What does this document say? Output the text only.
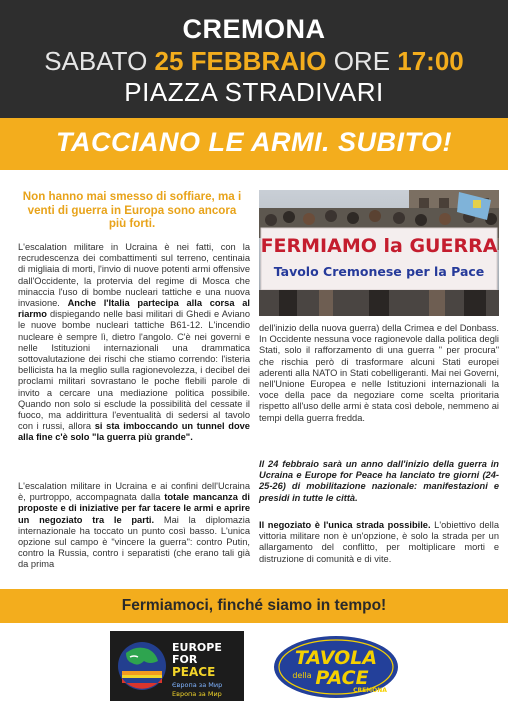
CREMONA
SABATO 25 FEBBRAIO ORE 17:00
PIAZZA STRADIVARI
TACCIANO LE ARMI. SUBITO!
Non hanno mai smesso di soffiare, ma i venti di guerra in Europa sono ancora più forti.
FERMIAMO la GUERRA
Tavolo Cremonese per la Pace
L'escalation militare in Ucraina è nei fatti, con la recrudescenza dei combattimenti sul terreno, centinaia di migliaia di morti, l'invio di nuove potenti armi offensive dall'Occidente, la protervia del regime di Mosca che minaccia l'uso di bombe nucleari tattiche e una nuova invasione. Anche l'Italia partecipa alla corsa al riarmo dispiegando nelle basi militari di Ghedi e Aviano le nuove bombe nucleari tattiche B61-12. L'incendio nucleare è sempre lì, dietro l'angolo. C'è nei governi e nelle Istituzioni internazionali una drammatica sottovalutazione dei rischi che stiamo correndo: l'isteria bellicista ha la meglio sulla ragionevolezza, i decibel dei proclami militari sovrastano le poche flebili parole di invito a cercare una mediazione politica possibile. Quando non solo si esclude la possibilità del cessate il fuoco, ma addirittura l'eventualità di sedersi al tavolo con i russi, allora si sta imboccando un tunnel dove alla fine c'è solo "la guerra più grande".
L'escalation militare in Ucraina e ai confini dell'Ucraina è, purtroppo, accompagnata dalla totale mancanza di proposte e di iniziative per far tacere le armi e aprire un negoziato tra le parti. Mai la diplomazia internazionale ha toccato un punto così basso. L'unica opzione sul campo è "vincere la guerra": contro Putin, contro la Russia, contro i separatisti (che erano tali già da prima
dell'inizio della nuova guerra) della Crimea e del Donbass. In Occidente nessuna voce ragionevole dalla politica degli Stati, solo il rafforzamento di una guerra " per procura" che rischia però di trasformare alcuni Stati europei aderenti alla NATO in Stati cobelligeranti. Mai nei Governi, nell'Unione Europea e nelle Istituzioni internazionali la voce della pace da negoziare come scelta prioritaria rispetto all'uso delle armi è stata così debole, nemmeno ai tempi della guerra fredda.
Il 24 febbraio sarà un anno dall'inizio della guerra in Ucraina e Europe for Peace ha lanciato tre giorni (24-25-26) di mobilitazione nazionale: manifestazioni e presidi in tutte le città.
Il negoziato è l'unica strada possibile. L'obiettivo della vittoria militare non è un'opzione, è solo la strada per un allargamento del conflitto, per moltiplicare morti e distruzione di comunità e di vite.
Fermiamoci, finché siamo in tempo!
EUROPE
FOR
PEACE
Європа за Мир
Европа за Мир
TAVOLA
della PACE
CREMONA
